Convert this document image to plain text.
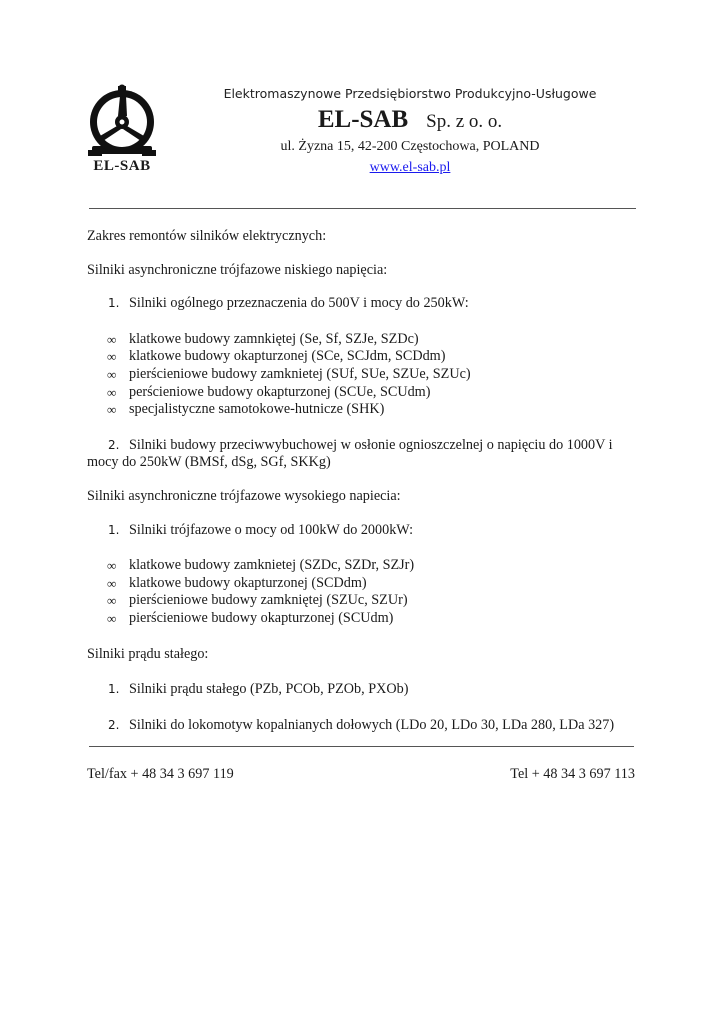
EL-SAB
Elektromaszynowe Przedsiębiorstwo Produkcyjno-Usługowe
EL-SAB Sp. z o. o.
ul. Żyzna 15, 42-200 Częstochowa, POLAND
www.el-sab.pl

Zakres remontów silników elektrycznych:

Silniki asynchroniczne trójfazowe niskiego napięcia:

1. Silniki ogólnego przeznaczenia do 500V i mocy do 250kW:
∞ klatkowe budowy zamnkiętej (Se, Sf, SZJe, SZDc)
∞ klatkowe budowy okapturzonej (SCe, SCJdm, SCDdm)
∞ pierścieniowe budowy zamknietej (SUf, SUe, SZUe, SZUc)
∞ perścieniowe budowy okapturzonej (SCUe, SCUdm)
∞ specjalistyczne samotokowe-hutnicze (SHK)
2. Silniki budowy przeciwwybuchowej w osłonie ognioszczelnej o napięciu do 1000V i mocy do 250kW (BMSf, dSg, SGf, SKKg)

Silniki asynchroniczne trójfazowe wysokiego napiecia:

1. Silniki trójfazowe o mocy od 100kW do 2000kW:
∞ klatkowe budowy zamknietej (SZDc, SZDr, SZJr)
∞ klatkowe budowy okapturzonej (SCDdm)
∞ pierścieniowe budowy zamkniętej (SZUc, SZUr)
∞ pierścieniowe budowy okapturzonej (SCUdm)

Silniki prądu stałego:

1. Silniki prądu stałego (PZb, PCOb, PZOb, PXOb)
2. Silniki do lokomotyw kopalnianych dołowych (LDo 20, LDo 30, LDa 280, LDa 327)
Tel/fax + 48 34 3 697 119	Tel + 48 34 3 697 113
